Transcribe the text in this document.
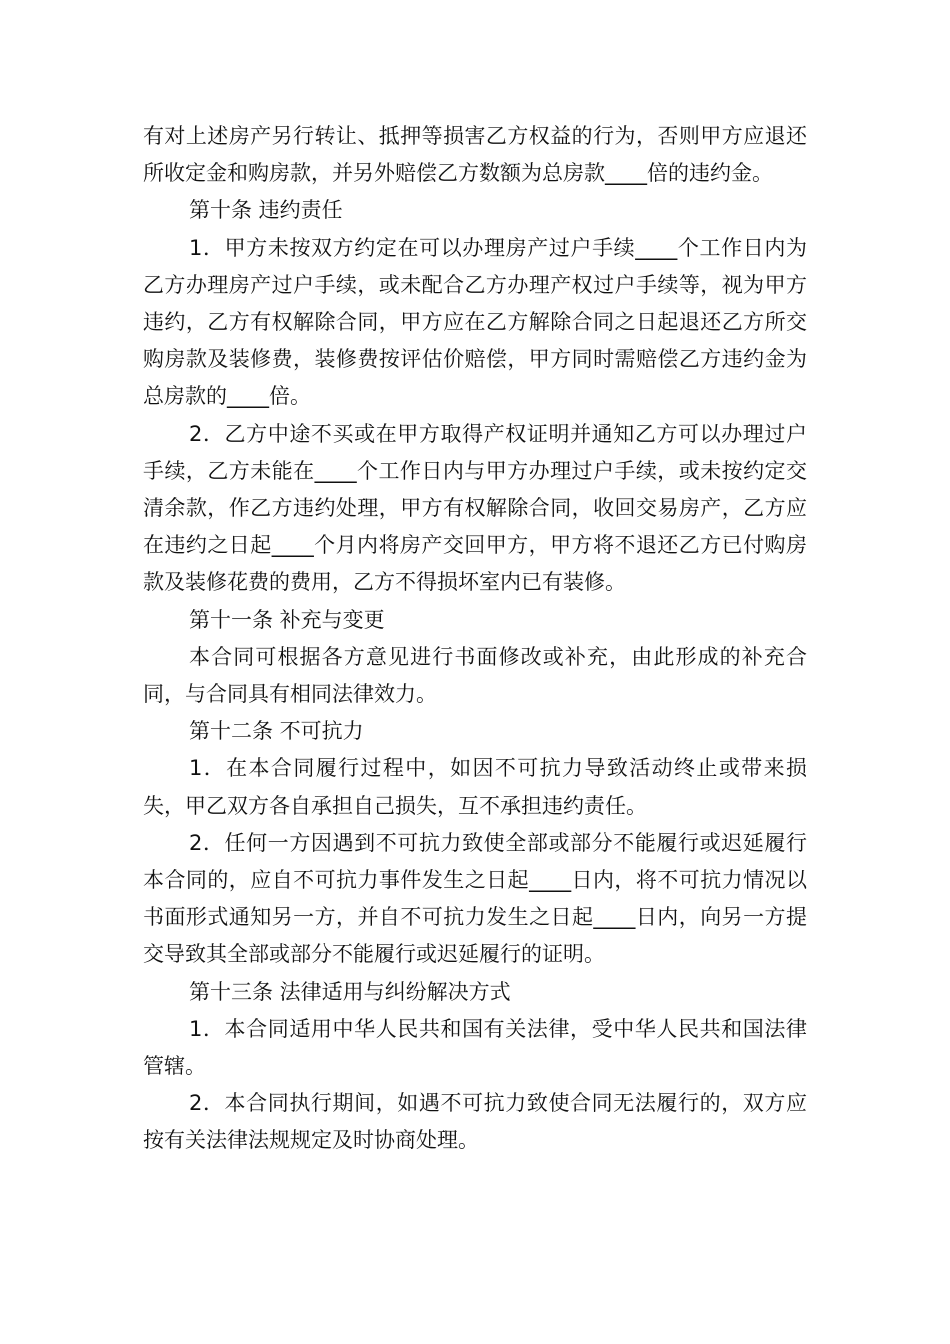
有对上述房产另行转让、抵押等损害乙方权益的行为，否则甲方应退还所收定金和购房款，并另外赔偿乙方数额为总房款____倍的违约金。

第十条 违约责任

1．甲方未按双方约定在可以办理房产过户手续____个工作日内为乙方办理房产过户手续，或未配合乙方办理产权过户手续等，视为甲方违约，乙方有权解除合同，甲方应在乙方解除合同之日起退还乙方所交购房款及装修费，装修费按评估价赔偿，甲方同时需赔偿乙方违约金为总房款的____倍。

2．乙方中途不买或在甲方取得产权证明并通知乙方可以办理过户手续，乙方未能在____个工作日内与甲方办理过户手续，或未按约定交清余款，作乙方违约处理，甲方有权解除合同，收回交易房产，乙方应在违约之日起____个月内将房产交回甲方，甲方将不退还乙方已付购房款及装修花费的费用，乙方不得损坏室内已有装修。

第十一条 补充与变更

本合同可根据各方意见进行书面修改或补充，由此形成的补充合同，与合同具有相同法律效力。

第十二条 不可抗力

1．在本合同履行过程中，如因不可抗力导致活动终止或带来损失，甲乙双方各自承担自己损失，互不承担违约责任。

2．任何一方因遇到不可抗力致使全部或部分不能履行或迟延履行本合同的，应自不可抗力事件发生之日起____日内，将不可抗力情况以书面形式通知另一方，并自不可抗力发生之日起____日内，向另一方提交导致其全部或部分不能履行或迟延履行的证明。

第十三条 法律适用与纠纷解决方式

1．本合同适用中华人民共和国有关法律，受中华人民共和国法律管辖。

2．本合同执行期间，如遇不可抗力致使合同无法履行的，双方应按有关法律法规规定及时协商处理。
